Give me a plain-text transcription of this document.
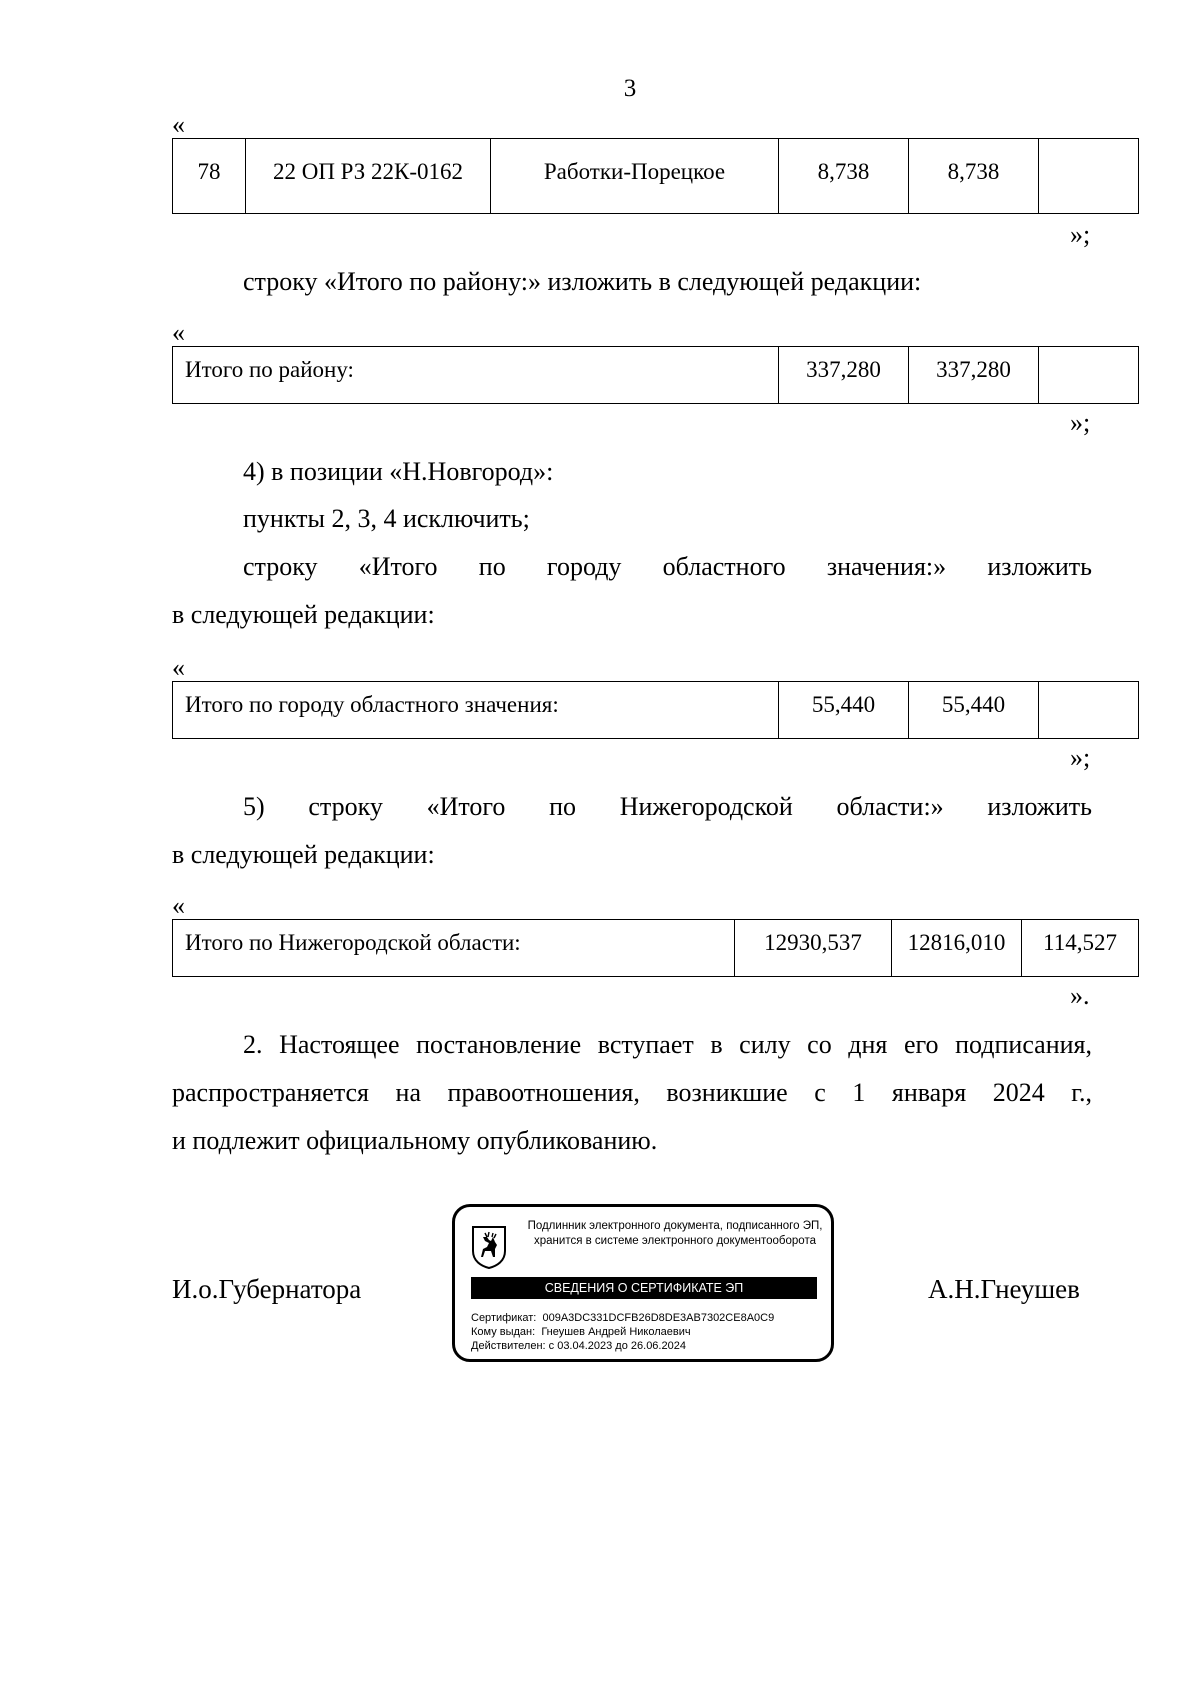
3
«
78	22 ОП РЗ 22К-0162	Работки-Порецкое	8,738	8,738	
»;
строку «Итого по району:» изложить в следующей редакции:
«
Итого по району:	337,280	337,280	
»;
4) в позиции «Н.Новгород»:
пункты 2, 3, 4 исключить;
строку «Итого по городу областного значения:» изложить
в следующей редакции:
«
Итого по городу областного значения:	55,440	55,440	
»;
5) строку «Итого по Нижегородской области:» изложить
в следующей редакции:
«
Итого по Нижегородской области:	12930,537	12816,010	114,527
».
2. Настоящее постановление вступает в силу со дня его подписания,
распространяется на правоотношения, возникшие с 1 января 2024 г.,
и подлежит официальному опубликованию.
И.о.Губернатора	А.Н.Гнеушев
Подлинник электронного документа, подписанного ЭП,
хранится в системе электронного документооборота
СВЕДЕНИЯ О СЕРТИФИКАТЕ ЭП
Сертификат: 009A3DC331DCFB26D8DE3AB7302CE8A0C9
Кому выдан: Гнеушев Андрей Николаевич
Действителен: с 03.04.2023 до 26.06.2024
